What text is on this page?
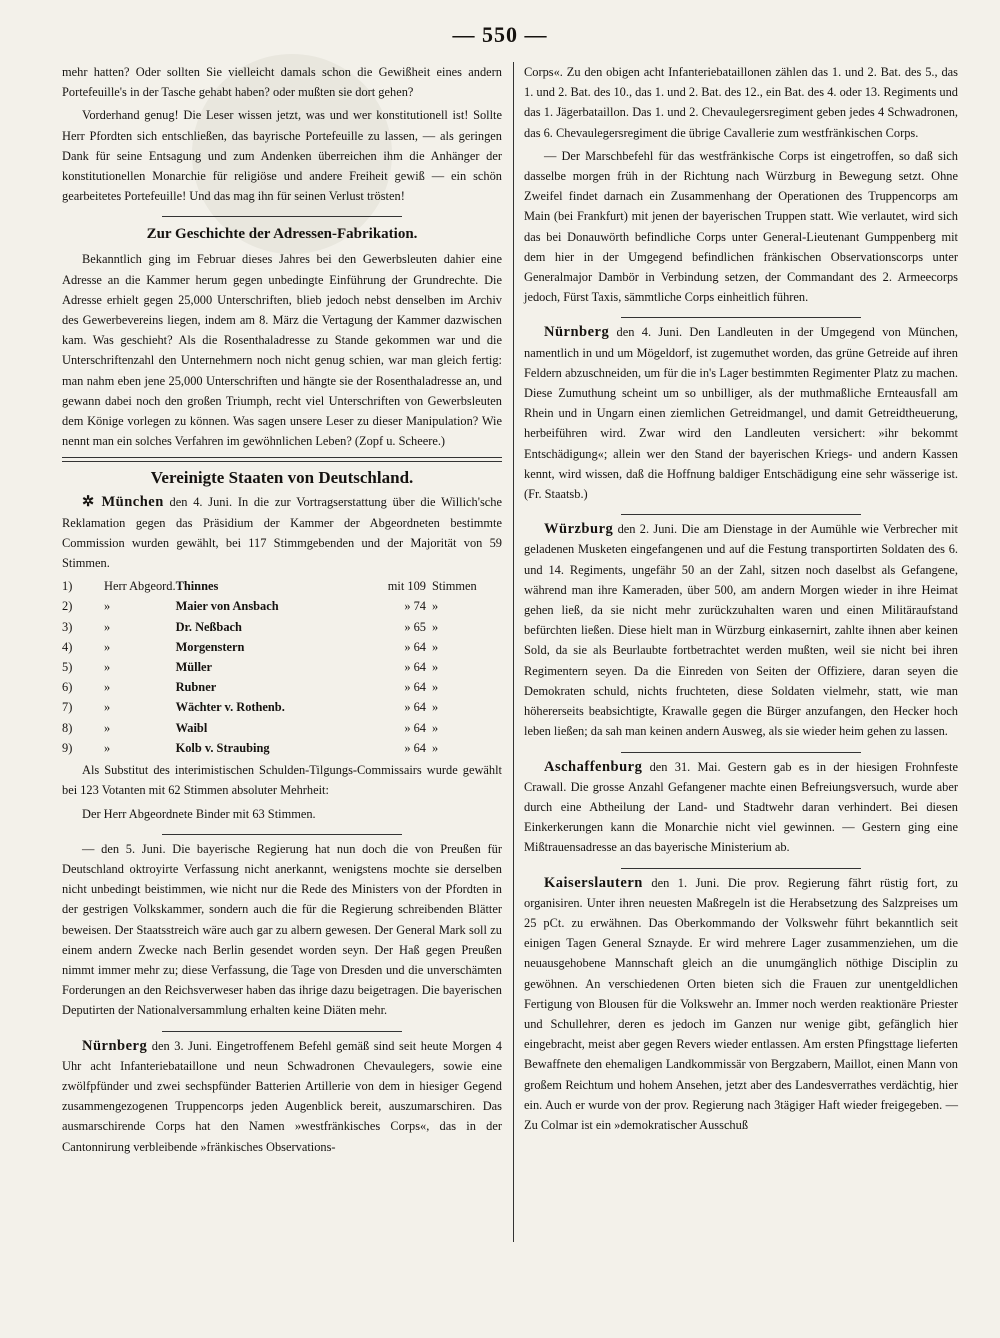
— 550 —

mehr hatten? Oder sollten Sie vielleicht damals schon die Gewißheit eines andern Portefeuille's in der Tasche gehabt haben? oder mußten sie dort gehen?

Vorderhand genug! Die Leser wissen jetzt, was und wer konstitutionell ist! Sollte Herr Pfordten sich entschließen, das bayrische Portefeuille zu lassen, — als geringen Dank für seine Entsagung und zum Andenken überreichen ihm die Anhänger der konstitutionellen Monarchie für religiöse und andere Freiheit gewiß — ein schön gearbeitetes Portefeuille! Und das mag ihn für seinen Verlust trösten!

Zur Geschichte der Adressen-Fabrikation.

Bekanntlich ging im Februar dieses Jahres bei den Gewerbsleuten dahier eine Adresse an die Kammer herum gegen unbedingte Einführung der Grundrechte. Die Adresse erhielt gegen 25,000 Unterschriften, blieb jedoch nebst denselben im Archiv des Gewerbevereins liegen, indem am 8. März die Vertagung der Kammer dazwischen kam. Was geschieht? Als die Rosenthaladresse zu Stande gekommen war und die Unterschriftenzahl den Unternehmern noch nicht genug schien, war man gleich fertig: man nahm eben jene 25,000 Unterschriften und hängte sie der Rosenthaladresse an, und gewann dabei noch den großen Triumph, recht viel Unterschriften von Gewerbsleuten dem Könige vorlegen zu können. Was sagen unsere Leser zu dieser Manipulation? Wie nennt man ein solches Verfahren im gewöhnlichen Leben? (Zopf u. Scheere.)

Vereinigte Staaten von Deutschland.

✲ München den 4. Juni. In die zur Vortragserstattung über die Willich'sche Reklamation gegen das Präsidium der Kammer der Abgeordneten bestimmte Commission wurden gewählt, bei 117 Stimmgebenden und der Majorität von 59 Stimmen.

1)	Herr Abgeord.	Thinnes	mit 109	Stimmen
2)	»	Maier von Ansbach	» 74	»
3)	»	Dr. Neßbach	» 65	»
4)	»	Morgenstern	» 64	»
5)	»	Müller	» 64	»
6)	»	Rubner	» 64	»
7)	»	Wächter v. Rothenb.	» 64	»
8)	»	Waibl	» 64	»
9)	»	Kolb v. Straubing	» 64	»

Als Substitut des interimistischen Schulden-Tilgungs-Commissairs wurde gewählt bei 123 Votanten mit 62 Stimmen absoluter Mehrheit:

Der Herr Abgeordnete Binder mit 63 Stimmen.

— den 5. Juni. Die bayerische Regierung hat nun doch die von Preußen für Deutschland oktroyirte Verfassung nicht anerkannt, wenigstens mochte sie derselben nicht unbedingt beistimmen, wie nicht nur die Rede des Ministers von der Pfordten in der gestrigen Volkskammer, sondern auch die für die Regierung schreibenden Blätter beweisen. Der Staatsstreich wäre auch gar zu albern gewesen. Der General Mark soll zu einem andern Zwecke nach Berlin gesendet worden seyn. Der Haß gegen Preußen nimmt immer mehr zu; diese Verfassung, die Tage von Dresden und die unverschämten Forderungen an den Reichsverweser haben das ihrige dazu beigetragen. Die bayerischen Deputirten der Nationalversammlung erhalten keine Diäten mehr.

Nürnberg den 3. Juni. Eingetroffenem Befehl gemäß sind seit heute Morgen 4 Uhr acht Infanteriebataillone und neun Schwadronen Chevaulegers, sowie eine zwölfpfünder und zwei sechspfünder Batterien Artillerie von dem in hiesiger Gegend zusammengezogenen Truppencorps jeden Augenblick bereit, auszumarschiren. Das ausmarschirende Corps hat den Namen »westfränkisches Corps«, das in der Cantonnirung verbleibende »fränkisches Observations-

Corps«. Zu den obigen acht Infanteriebataillonen zählen das 1. und 2. Bat. des 5., das 1. und 2. Bat. des 10., das 1. und 2. Bat. des 12., ein Bat. des 4. oder 13. Regiments und das 1. Jägerbataillon. Das 1. und 2. Chevaulegersregiment geben jedes 4 Schwadronen, das 6. Chevaulegersregiment die übrige Cavallerie zum westfränkischen Corps.

— Der Marschbefehl für das westfränkische Corps ist eingetroffen, so daß sich dasselbe morgen früh in der Richtung nach Würzburg in Bewegung setzt. Ohne Zweifel findet darnach ein Zusammenhang der Operationen des Truppencorps am Main (bei Frankfurt) mit jenen der bayerischen Truppen statt. Wie verlautet, wird sich das bei Donauwörth befindliche Corps unter General-Lieutenant Gumppenberg mit dem hier in der Umgegend befindlichen fränkischen Observationscorps unter Generalmajor Dambör in Verbindung setzen, der Commandant des 2. Armeecorps jedoch, Fürst Taxis, sämmtliche Corps einheitlich führen.

Nürnberg den 4. Juni. Den Landleuten in der Umgegend von München, namentlich in und um Mögeldorf, ist zugemuthet worden, das grüne Getreide auf ihren Feldern abzuschneiden, um für die in's Lager bestimmten Regimenter Platz zu machen. Diese Zumuthung scheint um so unbilliger, als der muthmaßliche Ernteausfall am Rhein und in Ungarn einen ziemlichen Getreidmangel, und damit Getreidtheuerung, herbeiführen wird. Zwar wird den Landleuten versichert: »ihr bekommt Entschädigung«; allein wer den Stand der bayerischen Kriegs- und andern Kassen kennt, wird wissen, daß die Hoffnung baldiger Entschädigung eine sehr wässerige ist. (Fr. Staatsb.)

Würzburg den 2. Juni. Die am Dienstage in der Aumühle wie Verbrecher mit geladenen Musketen eingefangenen und auf die Festung transportirten Soldaten des 6. und 14. Regiments, ungefähr 50 an der Zahl, sitzen noch daselbst als Gefangene, während man ihre Kameraden, über 500, am andern Morgen wieder in ihre Heimat gehen ließ, da sie nicht mehr zurückzuhalten waren und einen Militäraufstand befürchten ließen. Diese hielt man in Würzburg einkasernirt, zahlte ihnen aber keinen Sold, da sie als Beurlaubte fortbetrachtet werden mußten, weil sie nicht bei ihren Regimentern seyen. Da die Einreden von Seiten der Offiziere, daran seyen die Demokraten schuld, nichts fruchteten, diese Soldaten vielmehr, statt, wie man höhererseits beabsichtigte, Krawalle gegen die Bürger anzufangen, den Hecker hoch leben ließen; da sah man keinen andern Ausweg, als sie wieder heim gehen zu lassen.

Aschaffenburg den 31. Mai. Gestern gab es in der hiesigen Frohnfeste Crawall. Die grosse Anzahl Gefangener machte einen Befreiungsversuch, wurde aber durch eine Abtheilung der Land- und Stadtwehr daran verhindert. Bei diesen Einkerkerungen kann die Monarchie nicht viel gewinnen. — Gestern ging eine Mißtrauensadresse an das bayerische Ministerium ab.

Kaiserslautern den 1. Juni. Die prov. Regierung fährt rüstig fort, zu organisiren. Unter ihren neuesten Maßregeln ist die Herabsetzung des Salzpreises um 25 pCt. zu erwähnen. Das Oberkommando der Volkswehr führt bekanntlich seit einigen Tagen General Sznayde. Er wird mehrere Lager zusammenziehen, um die neuausgehobene Mannschaft gleich an die unumgänglich nöthige Disciplin zu gewöhnen. An verschiedenen Orten bieten sich die Frauen zur unentgeldlichen Fertigung von Blousen für die Volkswehr an. Immer noch werden reaktionäre Priester und Schullehrer, deren es jedoch im Ganzen nur wenige gibt, gefänglich hier eingebracht, meist aber gegen Revers wieder entlassen. Am ersten Pfingsttage lieferten Bewaffnete den ehemaligen Landkommissär von Bergzabern, Maillot, einen Mann von großem Reichtum und hohem Ansehen, jetzt aber des Landesverrathes verdächtig, hier ein. Auch er wurde von der prov. Regierung nach 3tägiger Haft wieder freigegeben. — Zu Colmar ist ein »demokratischer Ausschuß
